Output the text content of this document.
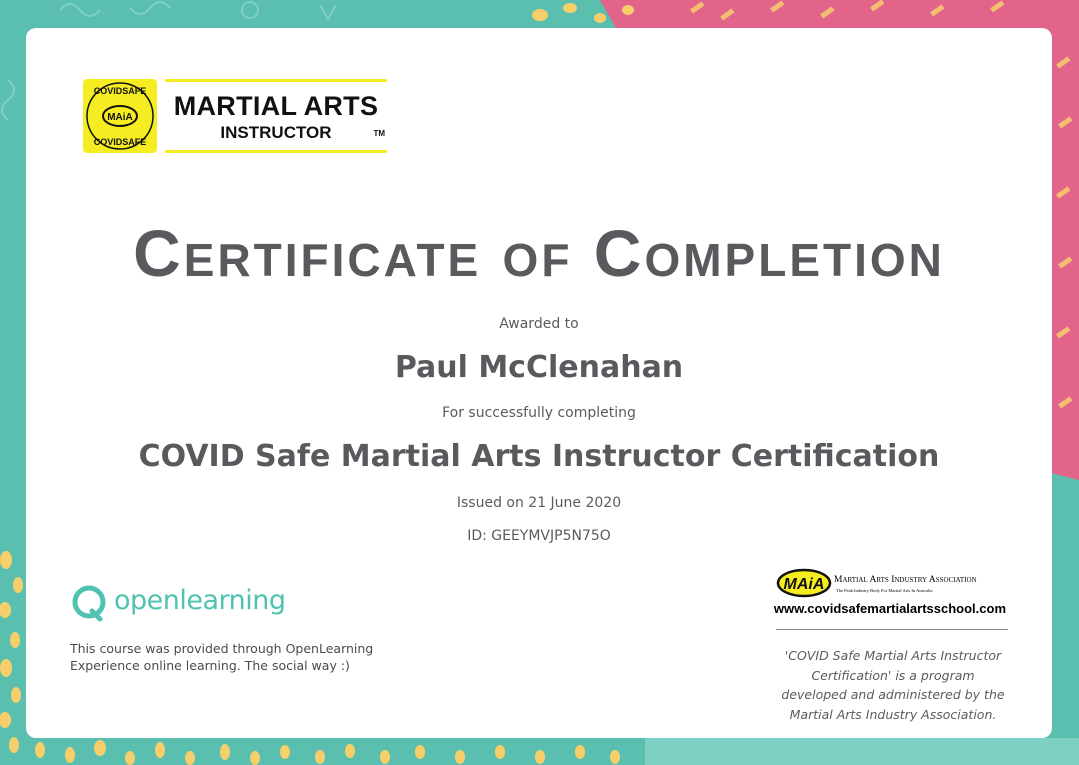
MAiA
COVIDSAFE
COVIDSAFE
MARTIAL ARTS
INSTRUCTOR	TM
Certificate of Completion
Awarded to
Paul McClenahan
For successfully completing
COVID Safe Martial Arts Instructor Certification
Issued on 21 June 2020
ID: GEEYMVJP5N75O
openlearning
This course was provided through OpenLearning
Experience online learning. The social way :)
MAiA Martial Arts Industry Association
The Peak Industry Body For Martial Arts In Australia
www.covidsafemartialartsschool.com
'COVID Safe Martial Arts Instructor
Certification' is a program
developed and administered by the
Martial Arts Industry Association.
